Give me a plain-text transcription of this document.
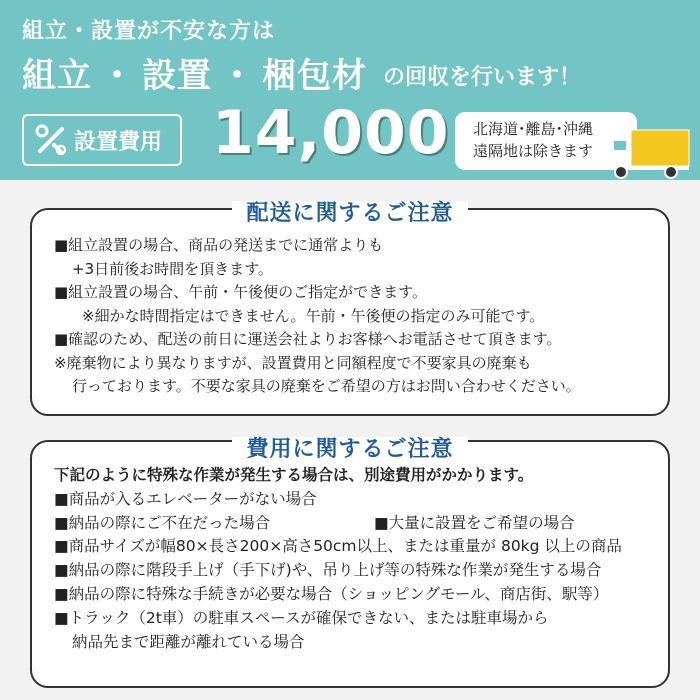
組立・設置が不安な方は
組立 ・ 設置 ・ 梱包材 の回収を行います！
設置費用 14,000 北海道･離島･沖縄
遠隔地は除きます
配送に関するご注意
■組立設置の場合、商品の発送までに通常よりも
+3日前後お時間を頂きます。
■組立設置の場合、午前・午後便のご指定ができます。
※細かな時間指定はできません。午前・午後便の指定のみ可能です。
■確認のため、配送の前日に運送会社よりお客様へお電話させて頂きます。
※廃棄物により異なりますが、設置費用と同額程度で不要家具の廃棄も
行っております。不要な家具の廃棄をご希望の方はお問い合わせください。
費用に関するご注意
下記のように特殊な作業が発生する場合は、別途費用がかかります。
■商品が入るエレベーターがない場合
■納品の際にご不在だった場合	■大量に設置をご希望の場合
■商品サイズが幅80×長さ200×高さ50cm以上、または重量が 80kg 以上の商品
■納品の際に階段手上げ（手下げ)や、吊り上げ等の特殊な作業が発生する場合
■納品の際に特殊な手続きが必要な場合（ショッピングモール、商店街、駅等）
■トラック（2t車）の駐車スペースが確保できない、または駐車場から
納品先まで距離が離れている場合
